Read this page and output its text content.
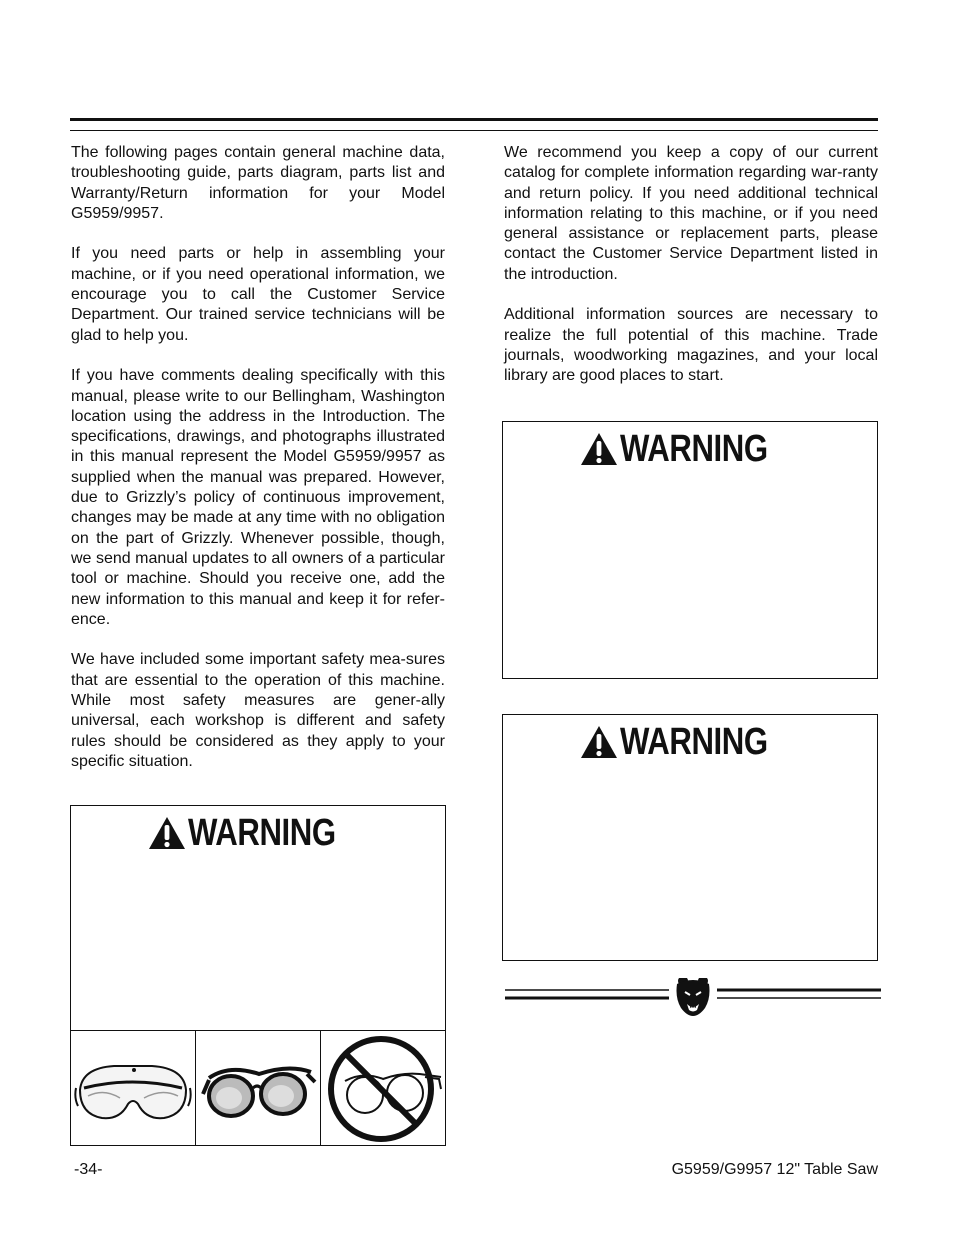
The following pages contain general machine data, troubleshooting guide, parts diagram, parts list and Warranty/Return information for your Model G5959/9957.

If you need parts or help in assembling your machine, or if you need operational information, we encourage you to call the Customer Service Department. Our trained service technicians will be glad to help you.

If you have comments dealing specifically with this manual, please write to our Bellingham, Washington location using the address in the Introduction. The specifications, drawings, and photographs illustrated in this manual represent the Model G5959/9957 as supplied when the manual was prepared. However, due to Grizzly’s policy of continuous improvement, changes may be made at any time with no obligation on the part of Grizzly. Whenever possible, though, we send manual updates to all owners of a particular tool or machine. Should you receive one, add the new information to this manual and keep it for refer-ence.

We have included some important safety mea-sures that are essential to the operation of this machine. While most safety measures are gener-ally universal, each workshop is different and safety rules should be considered as they apply to your specific situation.

We recommend you keep a copy of our current catalog for complete information regarding war-ranty and return policy. If you need additional technical information relating to this machine, or if you need general assistance or replacement parts, please contact the Customer Service Department listed in the introduction.

Additional information sources are necessary to realize the full potential of this machine. Trade journals, woodworking magazines, and your local library are good places to start.

WARNING
WARNING
WARNING
-34-	G5959/G9957 12" Table Saw
